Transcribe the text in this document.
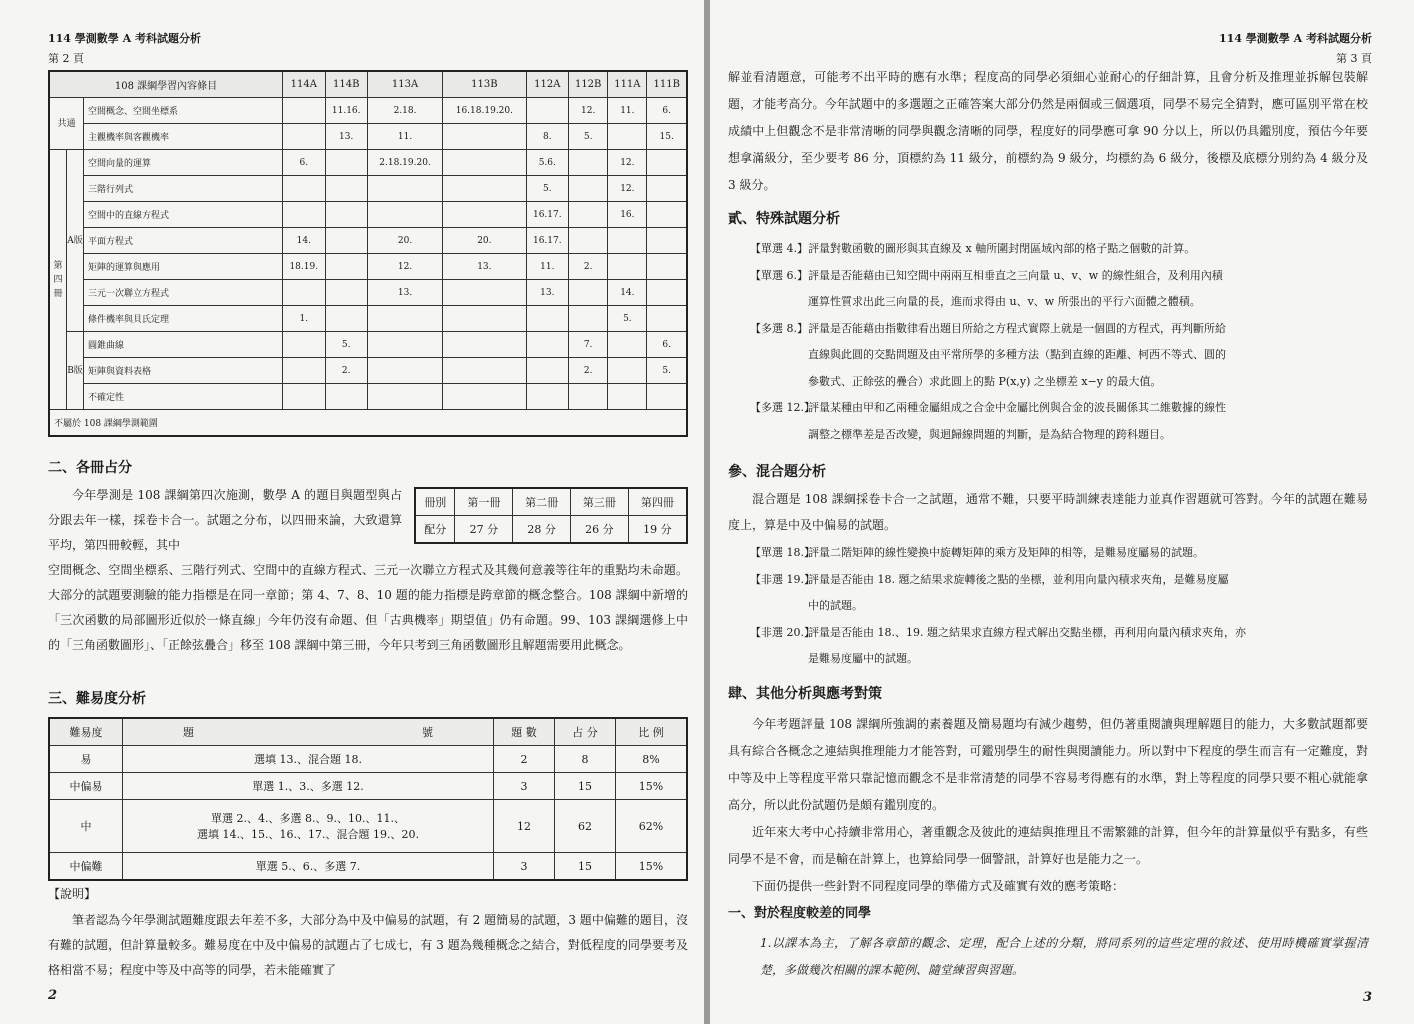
114 學測數學 A 考科試題分析
第 2 頁
108 課綱學習內容條目			114A	114B	113A	113B	112A	112B	111A	111B
共通		空間概念、空間坐標系		11.16.	2.18.	16.18.19.20.		12.	11.	6.
		主觀機率與客觀機率		13.	11.		8.	5.		15.
第四冊	A版	空間向量的運算	6.		2.18.19.20.		5.6.		12.	
		三階行列式					5.		12.	
		空間中的直線方程式					16.17.		16.	
		平面方程式	14.		20.	20.	16.17.			
		矩陣的運算與應用	18.19.		12.	13.	11.	2.		
		三元一次聯立方程式			13.		13.		14.	
		條件機率與貝氏定理	1.						5.	
	B版	圓錐曲線		5.				7.		6.
		矩陣與資料表格		2.				2.		5.
		不確定性								
不屬於 108 課綱學測範圍										
二、各冊占分
冊別	第一冊	第二冊	第三冊	第四冊
配分	27 分	28 分	26 分	19 分

今年學測是 108 課綱第四次施測，數學 A 的題目與題型與占分跟去年一樣，採卷卡合一。試題之分布，以四冊來論，大致還算平均，第四冊較輕，其中

空間概念、空間坐標系、三階行列式、空間中的直線方程式、三元一次聯立方程式及其幾何意義等往年的重點均未命題。大部分的試題要測驗的能力指標是在同一章節；第 4、7、8、10 題的能力指標是跨章節的概念整合。108 課綱中新增的「三次函數的局部圖形近似於一條直線」今年仍沒有命題、但「古典機率」期望值」仍有命題。99、103 課綱選修上中的「三角函數圖形」、「正餘弦疊合」移至 108 課綱中第三冊，今年只考到三角函數圖形且解題需要用此概念。

三、難易度分析
難易度	題	號	題 數	占 分	比 例
易	選填 13.、混合題 18.		2	8	8%
中偏易	單選 1.、3.、多選 12.		3	15	15%
中	單選 2.、4.、多選 8.、9.、10.、11.、
選填 14.、15.、16.、17.、混合題 19.、20.		12	62	62%
中偏難	單選 5.、6.、多選 7.		3	15	15%
【說明】
筆者認為今年學測試題難度跟去年差不多，大部分為中及中偏易的試題，有 2 題簡易的試題，3 題中偏難的題目，沒有難的試題，但計算量較多。難易度在中及中偏易的試題占了七成七，有 3 題為幾種概念之結合，對低程度的同學要考及格相當不易；程度中等及中高等的同學，若未能確實了
2
114 學測數學 A 考科試題分析
第 3 頁
解並看清題意，可能考不出平時的應有水準；程度高的同學必須細心並耐心的仔細計算，且會分析及推理並拆解包裝解題，才能考高分。今年試題中的多選題之正確答案大部分仍然是兩個或三個選項，同學不易完全猜對，應可區別平常在校成績中上但觀念不是非常清晰的同學與觀念清晰的同學，程度好的同學應可拿 90 分以上，所以仍具鑑別度，預估今年要想拿滿級分，至少要考 86 分，頂標約為 11 級分，前標約為 9 級分，均標約為 6 級分，後標及底標分別約為 4 級分及 3 級分。
貳、特殊試題分析
【單選 4.】 評量對數函數的圖形與其直線及 x 軸所圍封閉區域內部的格子點之個數的計算。
【單選 6.】 評量是否能藉由已知空間中兩兩互相垂直之三向量 u、v、w 的線性組合，及利用內積
運算性質求出此三向量的長，進而求得由 u、v、w 所張出的平行六面體之體積。
【多選 8.】 評量是否能藉由指數律看出題目所給之方程式實際上就是一個圓的方程式，再判斷所給
直線與此圓的交點問題及由平常所學的多種方法（點到直線的距離、柯西不等式、圓的
參數式、正餘弦的疊合）求此圓上的點 P(x,y) 之坐標差 x−y 的最大值。
【多選 12.】
評量某種由甲和乙兩種金屬組成之合金中金屬比例與合金的波長關係其二維數據的線性
調整之標準差是否改變，與迴歸線問題的判斷，是為結合物理的跨科題目。
參、混合題分析
混合題是 108 課綱採卷卡合一之試題，通常不難，只要平時訓練表達能力並真作習題就可答對。今年的試題在難易度上，算是中及中偏易的試題。
【單選 18.】
評量二階矩陣的線性變換中旋轉矩陣的乘方及矩陣的相等，是難易度屬易的試題。
【非選 19.】
評量是否能由 18. 題之結果求旋轉後之點的坐標，並利用向量內積求夾角，是難易度屬
中的試題。
【非選 20.】
評量是否能由 18.、19. 題之結果求直線方程式解出交點坐標，再利用向量內積求夾角，亦
是難易度屬中的試題。
肆、其他分析與應考對策
今年考題評量 108 課綱所強調的素養題及簡易題均有減少趨勢，但仍著重閱讀與理解題目的能力，大多數試題都要具有綜合各概念之連結與推理能力才能答對，可鑑別學生的耐性與閱讀能力。所以對中下程度的學生而言有一定難度，對中等及中上等程度平常只靠記憶而觀念不是非常清楚的同學不容易考得應有的水準，對上等程度的同學只要不粗心就能拿高分，所以此份試題仍是頗有鑑別度的。
近年來大考中心持續非常用心，著重觀念及彼此的連結與推理且不需繁雜的計算，但今年的計算量似乎有點多，有些同學不是不會，而是輸在計算上，也算給同學一個警訊，計算好也是能力之一。
下面仍提供一些針對不同程度同學的準備方式及確實有效的應考策略：
一、對於程度較差的同學
1.以課本為主，了解各章節的觀念、定理，配合上述的分類，將同系列的這些定理的敘述、使用時機確實掌握清楚，多做幾次相關的課本範例、隨堂練習與習題。
3
